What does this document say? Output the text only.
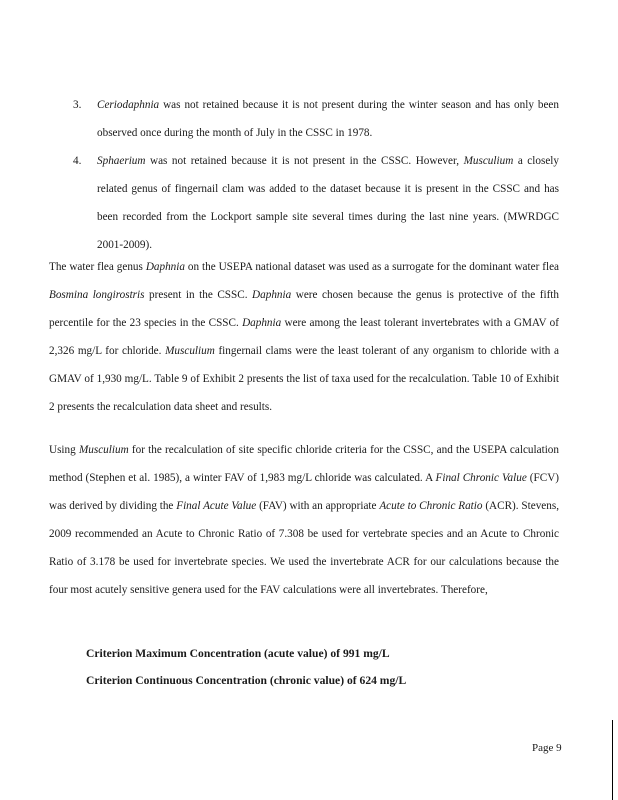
3.	Ceriodaphnia was not retained because it is not present during the winter season and has only been observed once during the month of July in the CSSC in 1978.
4.	Sphaerium was not retained because it is not present in the CSSC. However, Musculium a closely related genus of fingernail clam was added to the dataset because it is present in the CSSC and has been recorded from the Lockport sample site several times during the last nine years. (MWRDGC 2001-2009).

The water flea genus Daphnia on the USEPA national dataset was used as a surrogate for the dominant water flea Bosmina longirostris present in the CSSC. Daphnia were chosen because the genus is protective of the fifth percentile for the 23 species in the CSSC. Daphnia were among the least tolerant invertebrates with a GMAV of 2,326 mg/L for chloride. Musculium fingernail clams were the least tolerant of any organism to chloride with a GMAV of 1,930 mg/L. Table 9 of Exhibit 2 presents the list of taxa used for the recalculation. Table 10 of Exhibit 2 presents the recalculation data sheet and results.

Using Musculium for the recalculation of site specific chloride criteria for the CSSC, and the USEPA calculation method (Stephen et al. 1985), a winter FAV of 1,983 mg/L chloride was calculated. A Final Chronic Value (FCV) was derived by dividing the Final Acute Value (FAV) with an appropriate Acute to Chronic Ratio (ACR). Stevens, 2009 recommended an Acute to Chronic Ratio of 7.308 be used for vertebrate species and an Acute to Chronic Ratio of 3.178 be used for invertebrate species. We used the invertebrate ACR for our calculations because the four most acutely sensitive genera used for the FAV calculations were all invertebrates. Therefore,

Criterion Maximum Concentration (acute value) of 991 mg/L
Criterion Continuous Concentration (chronic value) of 624 mg/L
Page 9
